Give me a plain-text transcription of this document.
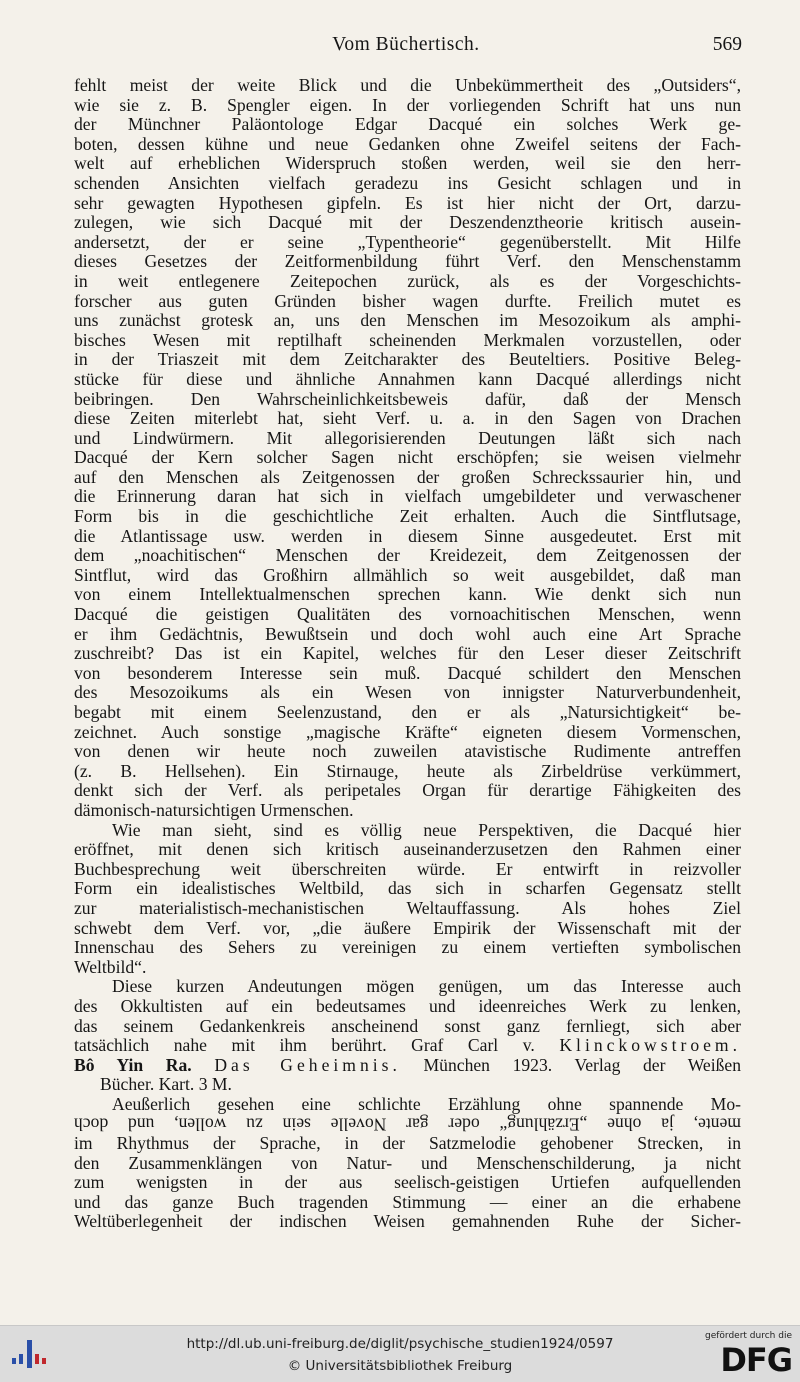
Vom Büchertisch.	569
fehlt meist der weite Blick und die Unbekümmertheit des „Outsiders“,
wie sie z. B. Spengler eigen. In der vorliegenden Schrift hat uns nun
der Münchner Paläontologe Edgar Dacqué ein solches Werk ge-
boten, dessen kühne und neue Gedanken ohne Zweifel seitens der Fach-
welt auf erheblichen Widerspruch stoßen werden, weil sie den herr-
schenden Ansichten vielfach geradezu ins Gesicht schlagen und in
sehr gewagten Hypothesen gipfeln. Es ist hier nicht der Ort, darzu-
zulegen, wie sich Dacqué mit der Deszendenztheorie kritisch ausein-
andersetzt, der er seine „Typentheorie“ gegenüberstellt. Mit Hilfe
dieses Gesetzes der Zeitformenbildung führt Verf. den Menschenstamm
in weit entlegenere Zeitepochen zurück, als es der Vorgeschichts-
forscher aus guten Gründen bisher wagen durfte. Freilich mutet es
uns zunächst grotesk an, uns den Menschen im Mesozoikum als amphi-
bisches Wesen mit reptilhaft scheinenden Merkmalen vorzustellen, oder
in der Triaszeit mit dem Zeitcharakter des Beuteltiers. Positive Beleg-
stücke für diese und ähnliche Annahmen kann Dacqué allerdings nicht
beibringen. Den Wahrscheinlichkeitsbeweis dafür, daß der Mensch
diese Zeiten miterlebt hat, sieht Verf. u. a. in den Sagen von Drachen
und Lindwürmern. Mit allegorisierenden Deutungen läßt sich nach
Dacqué der Kern solcher Sagen nicht erschöpfen; sie weisen vielmehr
auf den Menschen als Zeitgenossen der großen Schreckssaurier hin, und
die Erinnerung daran hat sich in vielfach umgebildeter und verwaschener
Form bis in die geschichtliche Zeit erhalten. Auch die Sintflutsage,
die Atlantissage usw. werden in diesem Sinne ausgedeutet. Erst mit
dem „noachitischen“ Menschen der Kreidezeit, dem Zeitgenossen der
Sintflut, wird das Großhirn allmählich so weit ausgebildet, daß man
von einem Intellektualmenschen sprechen kann. Wie denkt sich nun
Dacqué die geistigen Qualitäten des vornoachitischen Menschen, wenn
er ihm Gedächtnis, Bewußtsein und doch wohl auch eine Art Sprache
zuschreibt? Das ist ein Kapitel, welches für den Leser dieser Zeitschrift
von besonderem Interesse sein muß. Dacqué schildert den Menschen
des Mesozoikums als ein Wesen von innigster Naturverbundenheit,
begabt mit einem Seelenzustand, den er als „Natursichtigkeit“ be-
zeichnet. Auch sonstige „magische Kräfte“ eigneten diesem Vormenschen,
von denen wir heute noch zuweilen atavistische Rudimente antreffen
(z. B. Hellsehen). Ein Stirnauge, heute als Zirbeldrüse verkümmert,
denkt sich der Verf. als peripetales Organ für derartige Fähigkeiten des
dämonisch-natursichtigen Urmenschen.
Wie man sieht, sind es völlig neue Perspektiven, die Dacqué hier
eröffnet, mit denen sich kritisch auseinanderzusetzen den Rahmen einer
Buchbesprechung weit überschreiten würde. Er entwirft in reizvoller
Form ein idealistisches Weltbild, das sich in scharfen Gegensatz stellt
zur materialistisch-mechanistischen Weltauffassung. Als hohes Ziel
schwebt dem Verf. vor, „die äußere Empirik der Wissenschaft mit der
Innenschau des Sehers zu vereinigen zu einem vertieften symbolischen
Weltbild“.
Diese kurzen Andeutungen mögen genügen, um das Interesse auch
des Okkultisten auf ein bedeutsames und ideenreiches Werk zu lenken,
das seinem Gedankenkreis anscheinend sonst ganz fernliegt, sich aber
tatsächlich nahe mit ihm berührt. Graf Carl v. Klinckowstroem.
Bô Yin Ra. Das Geheimnis. München 1923. Verlag der Weißen
Bücher. Kart. 3 M.
Aeußerlich gesehen eine schlichte Erzählung ohne spannende Mo-
mente, ja ohne „Erzählung“ oder gar Novelle sein zu wollen, und doch
im Rhythmus der Sprache, in der Satzmelodie gehobener Strecken, in
den Zusammenklängen von Natur- und Menschenschilderung, ja nicht
zum wenigsten in der aus seelisch-geistigen Urtiefen aufquellenden
und das ganze Buch tragenden Stimmung — einer an die erhabene
Weltüberlegenheit der indischen Weisen gemahnenden Ruhe der Sicher-
http://dl.ub.uni-freiburg.de/diglit/psychische_studien1924/0597
© Universitätsbibliothek Freiburg
gefördert durch die
DFG
